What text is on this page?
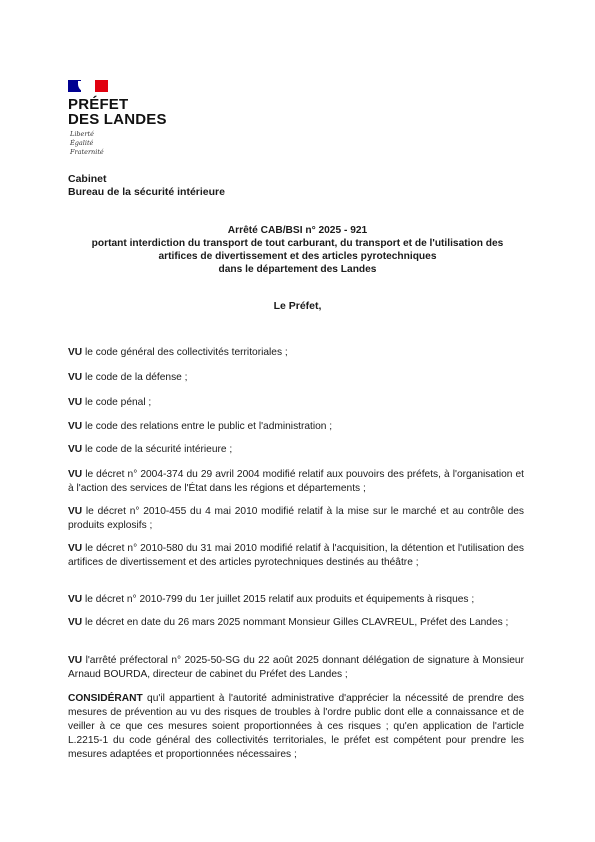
PRÉFET
DES LANDES
Liberté
Égalité
Fraternité
Cabinet
Bureau de la sécurité intérieure
Arrêté CAB/BSI n° 2025 - 921
portant interdiction du transport de tout carburant, du transport et de l'utilisation des
artifices de divertissement et des articles pyrotechniques
dans le département des Landes
Le Préfet,
VU le code général des collectivités territoriales ;
VU le code de la défense ;
VU le code pénal ;
VU le code des relations entre le public et l'administration ;
VU le code de la sécurité intérieure ;
VU le décret n° 2004-374 du 29 avril 2004 modifié relatif aux pouvoirs des préfets, à l'organisation et à l'action des services de l'État dans les régions et départements ;
VU le décret n° 2010-455 du 4 mai 2010 modifié relatif à la mise sur le marché et au contrôle des produits explosifs ;
VU le décret n° 2010-580 du 31 mai 2010 modifié relatif à l'acquisition, la détention et l'utilisation des artifices de divertissement et des articles pyrotechniques destinés au théâtre ;
VU le décret n° 2010-799 du 1er juillet 2015 relatif aux produits et équipements à risques ;
VU le décret en date du 26 mars 2025 nommant Monsieur Gilles CLAVREUL, Préfet des Landes ;
VU l'arrêté préfectoral n° 2025-50-SG du 22 août 2025 donnant délégation de signature à Monsieur Arnaud BOURDA, directeur de cabinet du Préfet des Landes ;
CONSIDÉRANT qu'il appartient à l'autorité administrative d'apprécier la nécessité de prendre des mesures de prévention au vu des risques de troubles à l'ordre public dont elle a connaissance et de veiller à ce que ces mesures soient proportionnées à ces risques ; qu'en application de l'article L.2215-1 du code général des collectivités territoriales, le préfet est compétent pour prendre les mesures adaptées et proportionnées nécessaires ;
